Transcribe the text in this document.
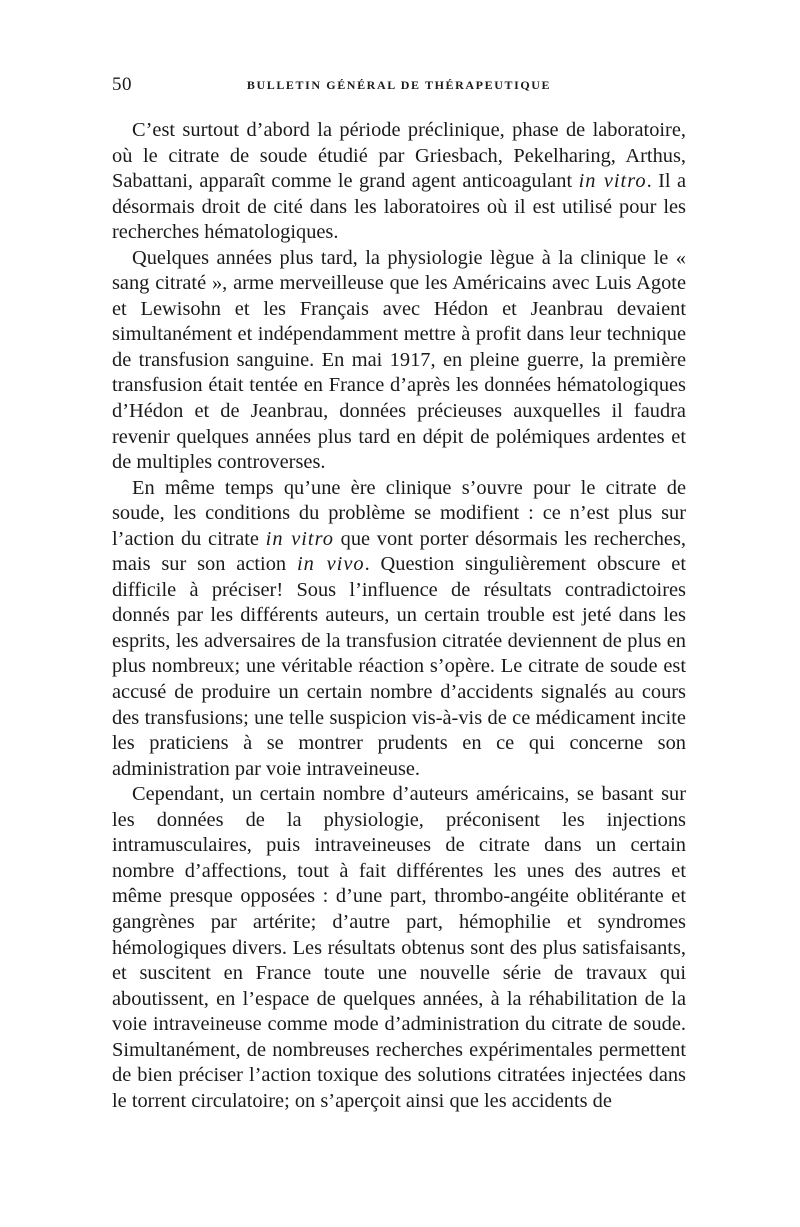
50	BULLETIN GÉNÉRAL DE THÉRAPEUTIQUE

C’est surtout d’abord la période préclinique, phase de laboratoire, où le citrate de soude étudié par Griesbach, Pekelharing, Arthus, Sabattani, apparaît comme le grand agent anticoagulant in vitro. Il a désormais droit de cité dans les laboratoires où il est utilisé pour les recherches hématologiques.

Quelques années plus tard, la physiologie lègue à la clinique le « sang citraté », arme merveilleuse que les Américains avec Luis Agote et Lewisohn et les Français avec Hédon et Jeanbrau devaient simultanément et indépendamment mettre à profit dans leur technique de transfusion sanguine. En mai 1917, en pleine guerre, la première transfusion était tentée en France d’après les données hématologiques d’Hédon et de Jeanbrau, données précieuses auxquelles il faudra revenir quelques années plus tard en dépit de polémiques ardentes et de multiples controverses.

En même temps qu’une ère clinique s’ouvre pour le citrate de soude, les conditions du problème se modifient : ce n’est plus sur l’action du citrate in vitro que vont porter désormais les recherches, mais sur son action in vivo. Question singulièrement obscure et difficile à préciser! Sous l’influence de résultats contradictoires donnés par les différents auteurs, un certain trouble est jeté dans les esprits, les adversaires de la transfusion citratée deviennent de plus en plus nombreux; une véritable réaction s’opère. Le citrate de soude est accusé de produire un certain nombre d’accidents signalés au cours des transfusions; une telle suspicion vis-à-vis de ce médicament incite les praticiens à se montrer prudents en ce qui concerne son administration par voie intraveineuse.

Cependant, un certain nombre d’auteurs américains, se basant sur les données de la physiologie, préconisent les injections intramusculaires, puis intraveineuses de citrate dans un certain nombre d’affections, tout à fait différentes les unes des autres et même presque opposées : d’une part, thrombo-angéite oblitérante et gangrènes par artérite; d’autre part, hémophilie et syndromes hémologiques divers. Les résultats obtenus sont des plus satisfaisants, et suscitent en France toute une nouvelle série de travaux qui aboutissent, en l’espace de quelques années, à la réhabilitation de la voie intraveineuse comme mode d’administration du citrate de soude. Simultanément, de nombreuses recherches expérimentales permettent de bien préciser l’action toxique des solutions citratées injectées dans le torrent circulatoire; on s’aperçoit ainsi que les accidents de
